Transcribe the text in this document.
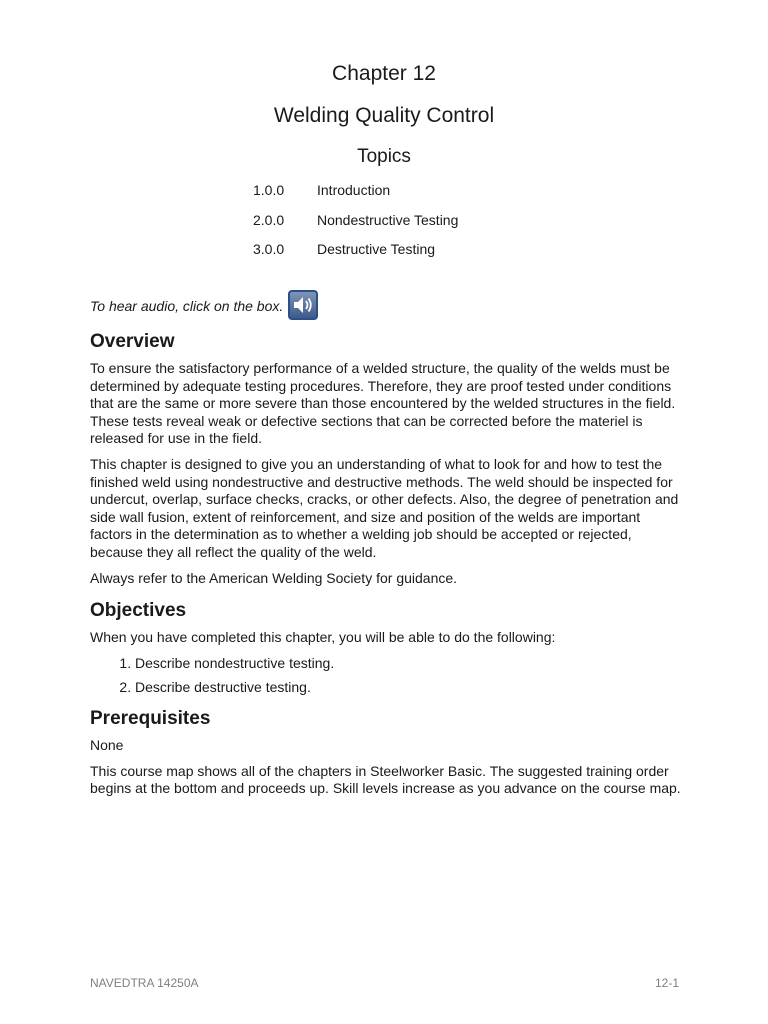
Chapter 12
Welding Quality Control
Topics
1.0.0	Introduction
2.0.0	Nondestructive Testing
3.0.0	Destructive Testing
To hear audio, click on the box.
Overview

To ensure the satisfactory performance of a welded structure, the quality of the welds must be determined by adequate testing procedures. Therefore, they are proof tested under conditions that are the same or more severe than those encountered by the welded structures in the field. These tests reveal weak or defective sections that can be corrected before the materiel is released for use in the field.

This chapter is designed to give you an understanding of what to look for and how to test the finished weld using nondestructive and destructive methods. The weld should be inspected for undercut, overlap, surface checks, cracks, or other defects. Also, the degree of penetration and side wall fusion, extent of reinforcement, and size and position of the welds are important factors in the determination as to whether a welding job should be accepted or rejected, because they all reflect the quality of the weld.

Always refer to the American Welding Society for guidance.

Objectives

When you have completed this chapter, you will be able to do the following:

1. Describe nondestructive testing.
2. Describe destructive testing.
Prerequisites

None

This course map shows all of the chapters in Steelworker Basic. The suggested training order begins at the bottom and proceeds up. Skill levels increase as you advance on the course map.

NAVEDTRA 14250A	12-1
